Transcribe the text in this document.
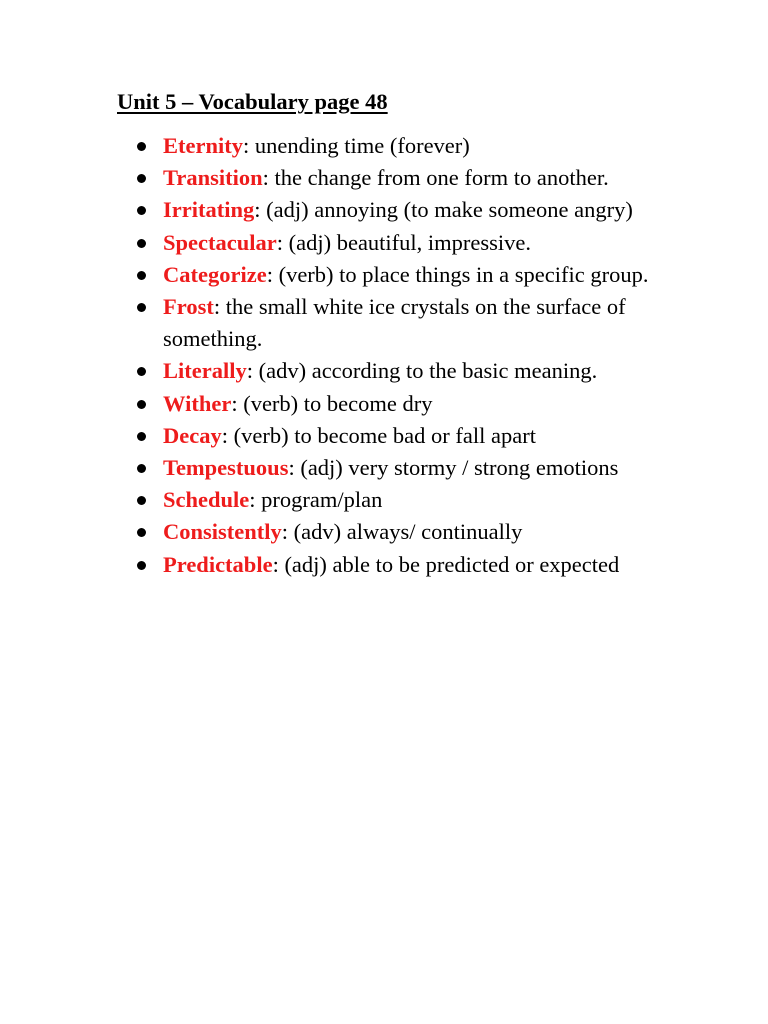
Unit 5 – Vocabulary page 48
Eternity: unending time (forever)
Transition: the change from one form to another.
Irritating: (adj) annoying (to make someone angry)
Spectacular: (adj) beautiful, impressive.
Categorize: (verb) to place things in a specific group.
Frost: the small white ice crystals on the surface of something.
Literally: (adv) according to the basic meaning.
Wither: (verb) to become dry
Decay: (verb) to become bad or fall apart
Tempestuous: (adj) very stormy / strong emotions
Schedule: program/plan
Consistently: (adv) always/ continually
Predictable: (adj) able to be predicted or expected
